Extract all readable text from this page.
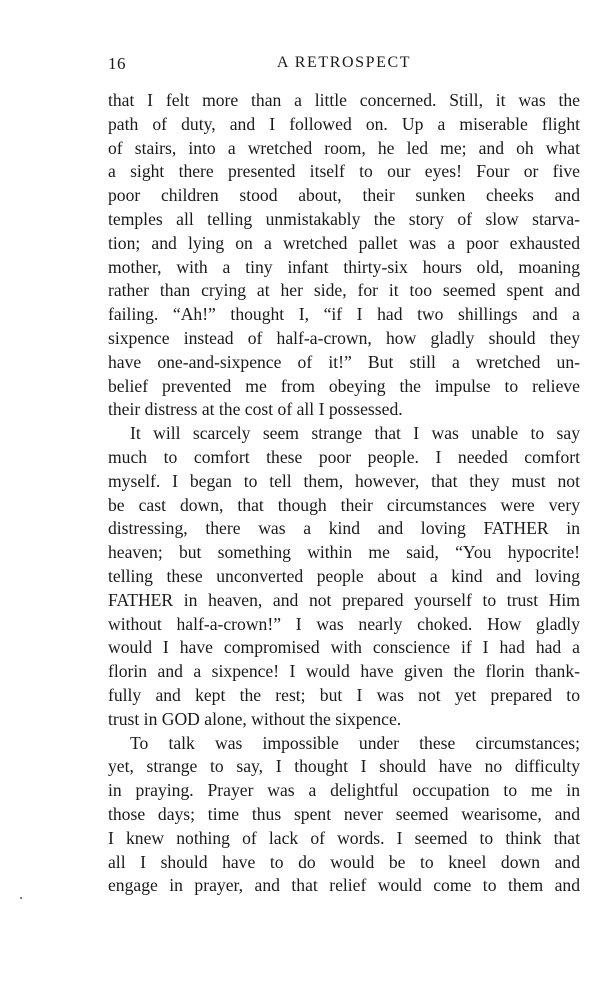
16	A RETROSPECT
that I felt more than a little concerned. Still, it was the
path of duty, and I followed on. Up a miserable flight
of stairs, into a wretched room, he led me; and oh what
a sight there presented itself to our eyes! Four or five
poor children stood about, their sunken cheeks and
temples all telling unmistakably the story of slow starva-
tion; and lying on a wretched pallet was a poor exhausted
mother, with a tiny infant thirty-six hours old, moaning
rather than crying at her side, for it too seemed spent and
failing. “Ah!” thought I, “if I had two shillings and a
sixpence instead of half-a-crown, how gladly should they
have one-and-sixpence of it!” But still a wretched un-
belief prevented me from obeying the impulse to relieve
their distress at the cost of all I possessed.
It will scarcely seem strange that I was unable to say
much to comfort these poor people. I needed comfort
myself. I began to tell them, however, that they must not
be cast down, that though their circumstances were very
distressing, there was a kind and loving FATHER in
heaven; but something within me said, “You hypocrite!
telling these unconverted people about a kind and loving
FATHER in heaven, and not prepared yourself to trust Him
without half-a-crown!” I was nearly choked. How gladly
would I have compromised with conscience if I had had a
florin and a sixpence! I would have given the florin thank-
fully and kept the rest; but I was not yet prepared to
trust in GOD alone, without the sixpence.
To talk was impossible under these circumstances;
yet, strange to say, I thought I should have no difficulty
in praying. Prayer was a delightful occupation to me in
those days; time thus spent never seemed wearisome, and
I knew nothing of lack of words. I seemed to think that
all I should have to do would be to kneel down and
engage in prayer, and that relief would come to them and
